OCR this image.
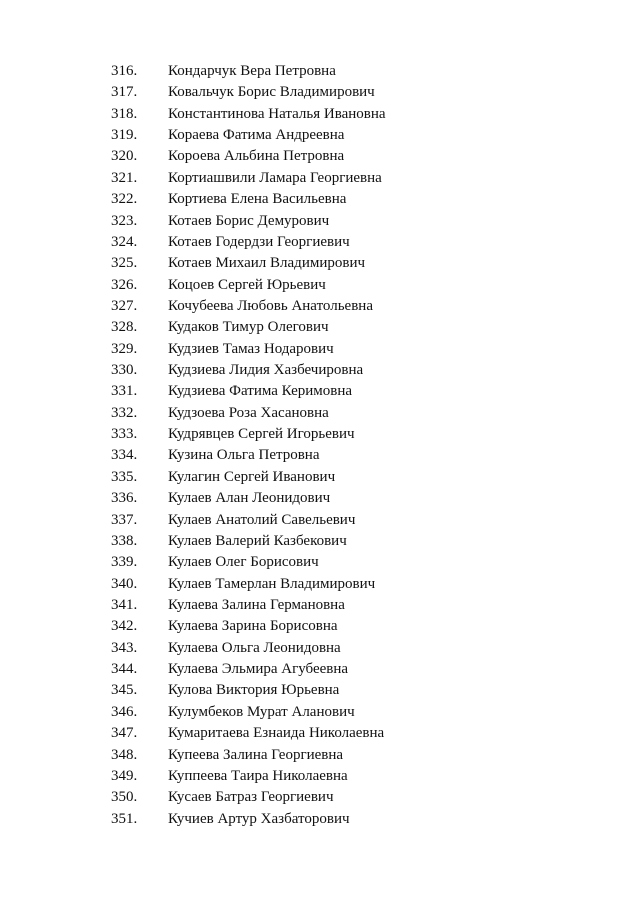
316. Кондарчук Вера Петровна
317. Ковальчук Борис Владимирович
318. Константинова Наталья Ивановна
319. Кораева Фатима Андреевна
320. Короева Альбина Петровна
321. Кортиашвили Ламара Георгиевна
322. Кортиева Елена Васильевна
323. Котаев Борис Демурович
324. Котаев Годердзи Георгиевич
325. Котаев Михаил Владимирович
326. Коцоев Сергей Юрьевич
327. Кочубеева Любовь Анатольевна
328. Кудаков Тимур Олегович
329. Кудзиев Тамаз Нодарович
330. Кудзиева Лидия Хазбечировна
331. Кудзиева Фатима Керимовна
332. Кудзоева Роза Хасановна
333. Кудрявцев Сергей Игорьевич
334. Кузина Ольга Петровна
335. Кулагин Сергей Иванович
336. Кулаев Алан Леонидович
337. Кулаев Анатолий Савельевич
338. Кулаев Валерий Казбекович
339. Кулаев Олег Борисович
340. Кулаев Тамерлан Владимирович
341. Кулаева Залина Германовна
342. Кулаева Зарина Борисовна
343. Кулаева Ольга Леонидовна
344. Кулаева Эльмира Агубеевна
345. Кулова Виктория Юрьевна
346. Кулумбеков Мурат Аланович
347. Кумаритаева Езнаида Николаевна
348. Купеева Залина Георгиевна
349. Куппеева Таира Николаевна
350. Кусаев Батраз Георгиевич
351. Кучиев Артур Хазбаторович
